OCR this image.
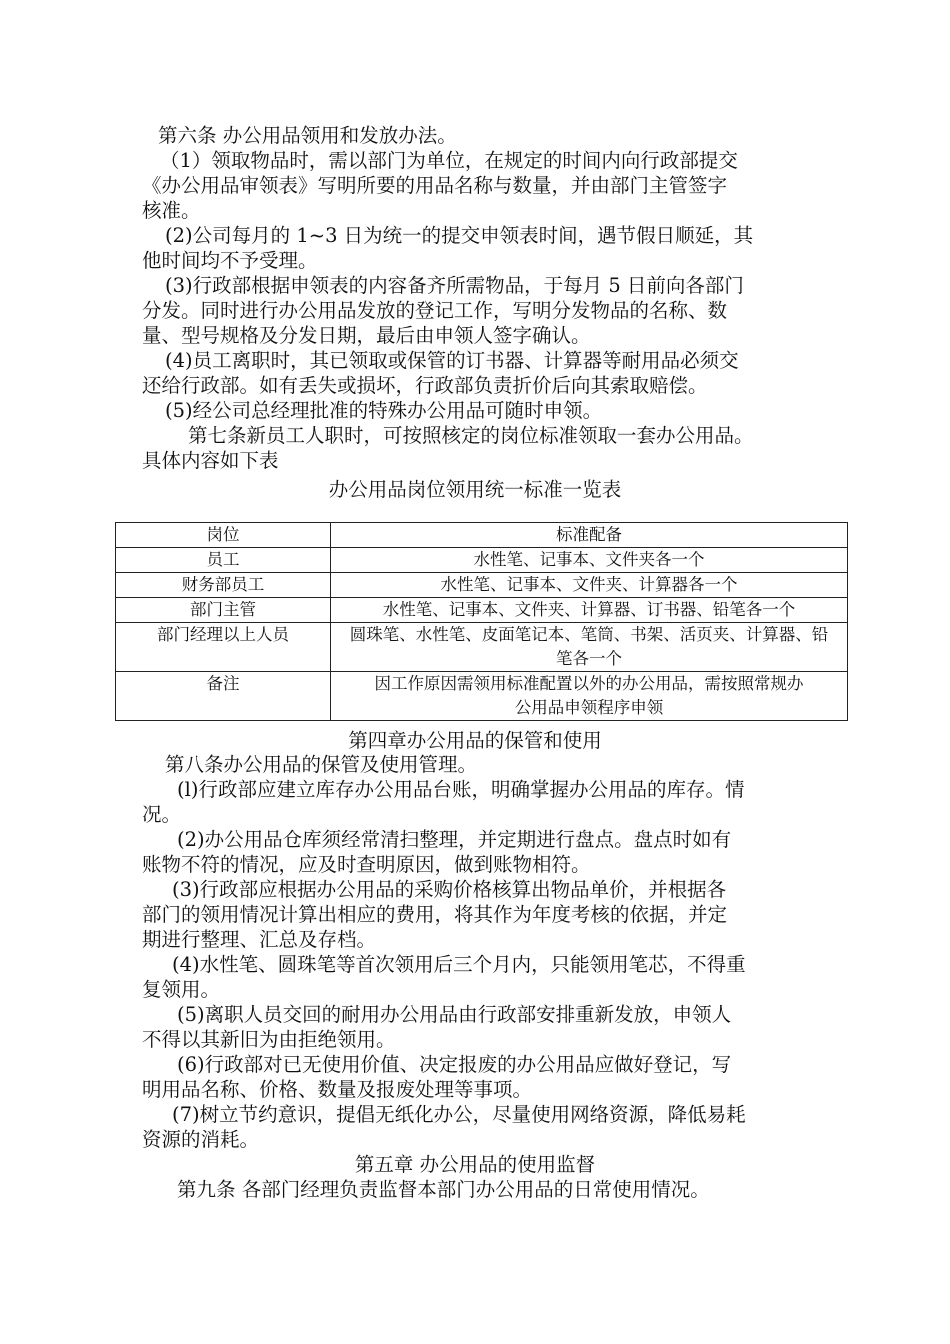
第六条 办公用品领用和发放办法。
（1）领取物品时，需以部门为单位，在规定的时间内向行政部提交
《办公用品审领表》写明所要的用品名称与数量，并由部门主管签字
核准。
(2)公司每月的 1~3 日为统一的提交申领表时间，遇节假日顺延，其
他时间均不予受理。
(3)行政部根据申领表的内容备齐所需物品，于每月 5 日前向各部门
分发。同时进行办公用品发放的登记工作，写明分发物品的名称、数
量、型号规格及分发日期，最后由申领人签字确认。
(4)员工离职时，其已领取或保管的订书器、计算器等耐用品必须交
还给行政部。如有丢失或损坏，行政部负责折价后向其索取赔偿。
(5)经公司总经理批准的特殊办公用品可随时申领。
第七条新员工人职时，可按照核定的岗位标准领取一套办公用品。
具体内容如下表
办公用品岗位领用统一标准一览表
岗位	标准配备
员工	水性笔、记事本、文件夹各一个
财务部员工	水性笔、记事本、文件夹、计算器各一个
部门主管	水性笔、记事本、文件夹、计算器、订书器、铅笔各一个
部门经理以上人员	圆珠笔、水性笔、皮面笔记本、笔筒、书架、活页夹、计算器、铅
笔各一个

备注	因工作原因需领用标准配置以外的办公用品，需按照常规办
公用品申领程序申领
第四章办公用品的保管和使用
第八条办公用品的保管及使用管理。
(l)行政部应建立库存办公用品台账，明确掌握办公用品的库存。情
况。
(2)办公用品仓库须经常清扫整理，并定期进行盘点。盘点时如有
账物不符的情况，应及时查明原因，做到账物相符。
(3)行政部应根据办公用品的采购价格核算出物品单价，并根据各
部门的领用情况计算出相应的费用，将其作为年度考核的依据，并定
期进行整理、汇总及存档。
(4)水性笔、圆珠笔等首次领用后三个月内，只能领用笔芯，不得重
复领用。
(5)离职人员交回的耐用办公用品由行政部安排重新发放，申领人
不得以其新旧为由拒绝领用。
(6)行政部对已无使用价值、决定报废的办公用品应做好登记，写
明用品名称、价格、数量及报废处理等事项。
(7)树立节约意识，提倡无纸化办公，尽量使用网络资源，降低易耗
资源的消耗。
第五章 办公用品的使用监督
第九条 各部门经理负责监督本部门办公用品的日常使用情况。
